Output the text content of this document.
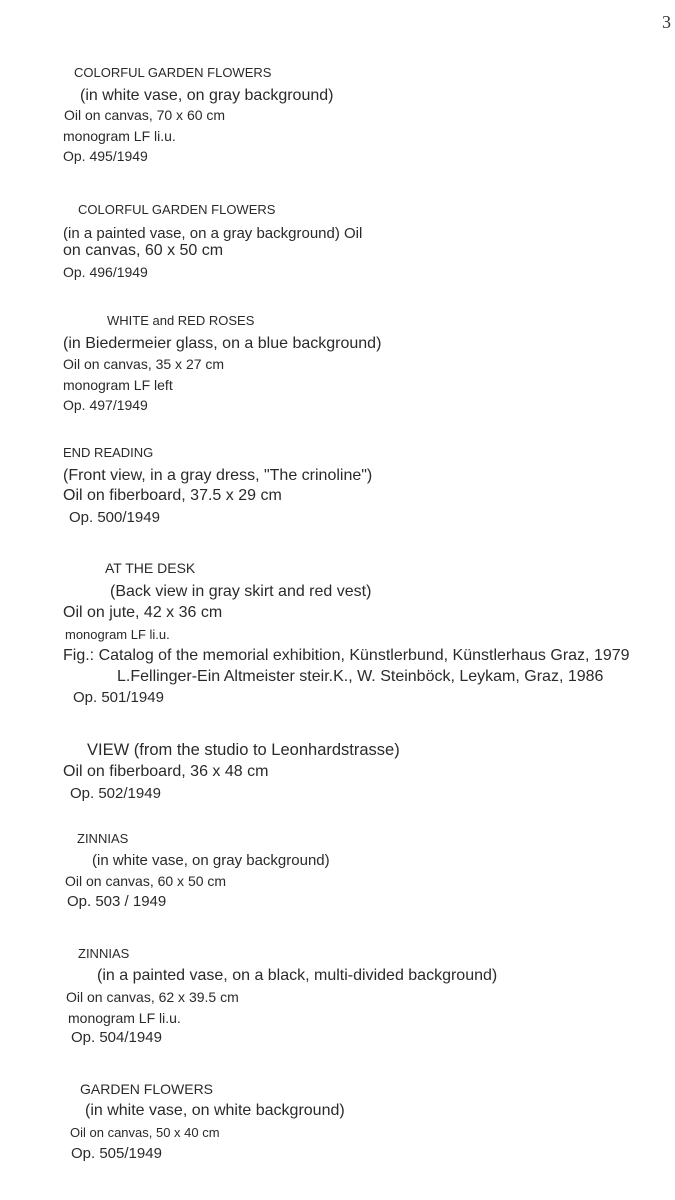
3
COLORFUL GARDEN FLOWERS
(in white vase, on gray background)
Oil on canvas, 70 x 60 cm
monogram LF li.u.
Op. 495/1949
COLORFUL GARDEN FLOWERS
(in a painted vase, on a gray background) Oil
on canvas, 60 x 50 cm
Op. 496/1949
WHITE and RED ROSES
(in Biedermeier glass, on a blue background)
Oil on canvas, 35 x 27 cm
monogram LF left
Op. 497/1949
END READING
(Front view, in a gray dress, "The crinoline")
Oil on fiberboard, 37.5 x 29 cm
Op. 500/1949
AT THE DESK
(Back view in gray skirt and red vest)
Oil on jute, 42 x 36 cm
monogram LF li.u.
Fig.: Catalog of the memorial exhibition, Künstlerbund, Künstlerhaus Graz, 1979
L.Fellinger-Ein Altmeister steir.K., W. Steinböck, Leykam, Graz, 1986
Op. 501/1949
VIEW (from the studio to Leonhardstrasse)
Oil on fiberboard, 36 x 48 cm
Op. 502/1949
ZINNIAS
(in white vase, on gray background)
Oil on canvas, 60 x 50 cm
Op. 503 / 1949
ZINNIAS
(in a painted vase, on a black, multi-divided background)
Oil on canvas, 62 x 39.5 cm
monogram LF li.u.
Op. 504/1949
GARDEN FLOWERS
(in white vase, on white background)
Oil on canvas, 50 x 40 cm
Op. 505/1949
